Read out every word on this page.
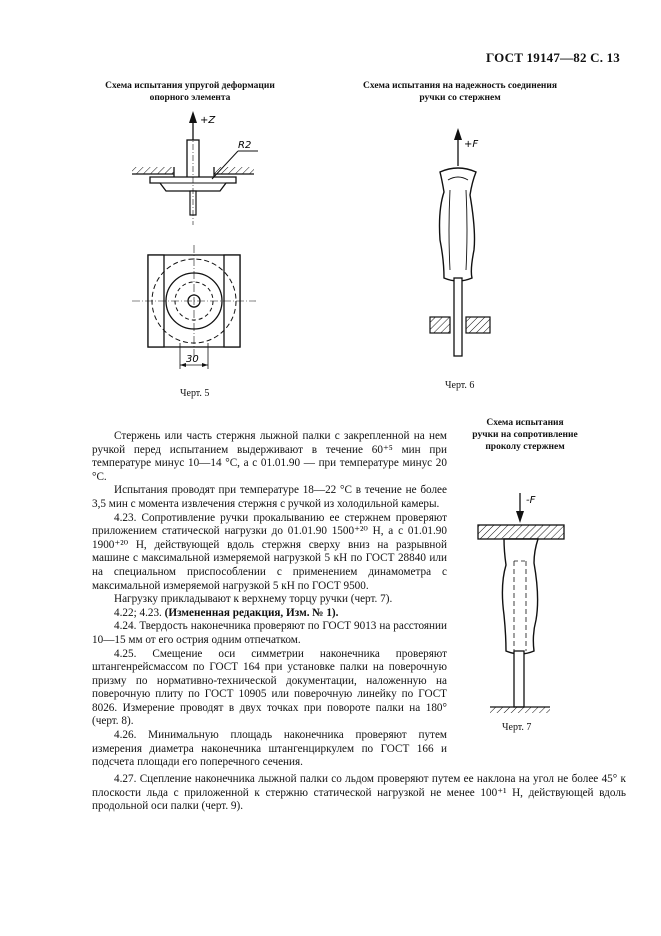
ГОСТ 19147—82 С. 13
Схема испытания упругой деформации
опорного элемента
Схема испытания на надежность соединения
ручки со стержнем
Схема испытания
ручки на сопротивление
проколу стержнем
+Z
R2
30
Черт. 5
+F
Черт. 6
-F
Черт. 7

Стержень или часть стержня лыжной палки с закрепленной на нем ручкой перед испытанием выдерживают в течение 60⁺⁵ мин при температуре минус 10—14 °С, а с 01.01.90 — при температуре минус 20 °С.

Испытания проводят при температуре 18—22 °С в течение не более 3,5 мин с момента извлечения стержня с ручкой из холодильной камеры.

4.23. Сопротивление ручки прокалыванию ее стержнем проверяют приложением статической нагрузки до 01.01.90 1500⁺²⁰ Н, а с 01.01.90 1900⁺²⁰ Н, действующей вдоль стержня сверху вниз на разрывной машине с максимальной измеряемой нагрузкой 5 кН по ГОСТ 28840 или на специальном приспособлении с применением динамометра с максимальной измеряемой нагрузкой 5 кН по ГОСТ 9500.

Нагрузку прикладывают к верхнему торцу ручки (черт. 7).

4.22; 4.23. (Измененная редакция, Изм. № 1).

4.24. Твердость наконечника проверяют по ГОСТ 9013 на расстоянии 10—15 мм от его острия одним отпечатком.

4.25. Смещение оси симметрии наконечника проверяют штангенрейсмассом по ГОСТ 164 при установке палки на поверочную призму по нормативно-технической документации, наложенную на поверочную плиту по ГОСТ 10905 или поверочную линейку по ГОСТ 8026. Измерение проводят в двух точках при повороте палки на 180° (черт. 8).

4.26. Минимальную площадь наконечника проверяют путем измерения диаметра наконечника штангенциркулем по ГОСТ 166 и подсчета площади его поперечного сечения.

4.27. Сцепление наконечника лыжной палки со льдом проверяют путем ее наклона на угол не более 45° к плоскости льда с приложенной к стержню статической нагрузкой не менее 100⁺¹ Н, действующей вдоль продольной оси палки (черт. 9).
